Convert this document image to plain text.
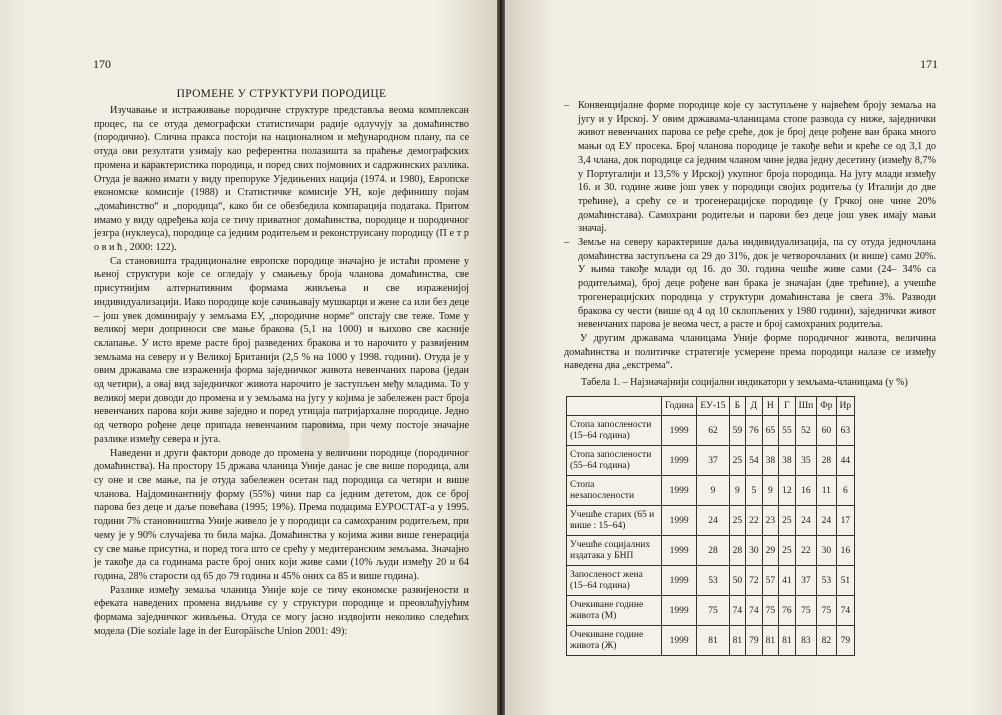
170
ПРОМЕНЕ У СТРУКТУРИ ПОРОДИЦЕ

Изучавање и истраживање породичне структуре представља веома комплексан процес, па се отуда демографски статистичари радије одлучују за домаћинство (породично). Слична пракса постоји на националном и међународном плану, па се отуда ови резултати узимају као референтна полазишта за праћење демографских промена и карактеристика породица, и поред свих појмовних и садржинских разлика. Отуда је важно имати у виду препоруке Уједињених нација (1974. и 1980), Европске економске комисије (1988) и Статистичке комисије УН, које дефинишу појам „домаћинство“ и „породица“, како би се обезбедила компарација података. Притом имамо у виду одређења која се тичу приватног домаћинства, породице и породичног језгра (нуклеуса), породице са једним родитељем и реконструисану породицу (П е т р о в и ћ , 2000: 122).

Са становишта традиционалне европске породице значајно је истаћи промене у њеној структури које се огледају у смањењу броја чланова домаћинства, све присутнијим алтернативним формама живљења и све израженијој индивидуализацији. Иако породице које сачињавају мушкарци и жене са или без деце – још увек доминирају у земљама ЕУ, „породичне норме“ опстају све теже. Томе у великој мери доприноси све мање бракова (5,1 на 1000) и њихово све касније склапање. У исто време расте број разведених бракова и то нарочито у развијеним земљама на северу и у Великој Британији (2,5 % на 1000 у 1998. години). Отуда је у овим државама све израженија форма заједничког живота невенчаних парова (један од четири), а овај вид заједничког живота нарочито је заступљен међу младима. То у великој мери доводи до промена и у земљама на југу у којима је забележен раст броја невенчаних парова који живе заједно и поред утицаја патријархалне породице. Једно од четворо рођене деце припада невенчаним паровима, при чему постоје значајне разлике између севера и југа.

Наведени и други фактори доводе до промена у величини породице (породичног домаћинства). На простору 15 држава чланица Уније данас је све више породица, али су оне и све мање, па је отуда забележен осетан пад породица са четири и више чланова. Најдоминантнију форму (55%) чини пар са једним дететом, док се број парова без деце и даље повећава (1995; 19%). Према подацима ЕУРОСТАТ-а у 1995. години 7% становништва Уније живело је у породици са самохраним родитељем, при чему је у 90% случајева то била мајка. Домаћинства у којима живи више генерација су све мање присутна, и поред тога што се срећу у медитеранским земљама. Значајно је такође да са годинама расте број оних који живе сами (10% људи између 20 и 64 година, 28% старости од 65 до 79 година и 45% оних са 85 и више година).

Разлике између земаља чланица Уније које се тичу економске развијености и ефеката наведених промена видљиве су у структури породице и преовлађујућим формама заједничког живљења. Отуда се могу јасно издвојити неколико следећих модела (Die soziale lage in der Europäische Union 2001: 49):

171

– Конвенцијалне форме породице које су заступљене у највећем броју земаља на југу и у Ирској. У овим државама-чланицама стопе развода су ниже, заједнички живот невенчаних парова се ређе среће, док је број деце рођене ван брака много мањи од ЕУ просека. Број чланова породице је такође већи и креће се од 3,1 до 3,4 члана, док породице са једним чланом чине једва једну десетину (између 8,7% у Португалији и 13,5% у Ирској) укупног броја породица. На југу млади између 16. и 30. године живе још увек у породици својих родитеља (у Италији до две трећине), а срећу се и трогенерацијске породице (у Грчкој оне чине 20% домаћинстава). Самохрани родитељи и парови без деце још увек имају мањи значај.

– Земље на северу карактерише даља индивидуализација, па су отуда једночлана домаћинства заступљена са 29 до 31%, док је четворочланих (и више) само 20%. У њима такође млади од 16. до 30. година чешће живе сами (24– 34% са родитељима), број деце рођене ван брака је значајан (две трећине), а учешће трогенерацијских породица у структури домаћинстава је свега 3%. Разводи бракова су чести (више од 4 од 10 склопљених у 1980 години), заједнички живот невенчаних парова је веома чест, а расте и број самохраних родитеља.

У другим државама чланицама Уније форме породичног живота, величина домаћинства и политичке стратегије усмерене према породици налазе се између наведена два „екстрема“.

Табела 1. – Најзначајнији социјални индикатори у земљама-чланицама (у %)
	Година	ЕУ-15	Б	Д	Н	Г	Шп	Фр	Ир
Стопа запослености (15–64 година)	1999	62	59	76	65	55	52	60	63
Стопа запослености (55–64 година)	1999	37	25	54	38	38	35	28	44
Стопа незапослености	1999	9	9	5	9	12	16	11	6
Учешће старих (65 и више : 15–64)	1999	24	25	22	23	25	24	24	17
Учешће социјалних издатака у БНП	1999	28	28	30	29	25	22	30	16
Запосленост жена (15–64 година)	1999	53	50	72	57	41	37	53	51
Очекиване године живота (М)	1999	75	74	74	75	76	75	75	74
Очекиване године живота (Ж)	1999	81	81	79	81	81	83	82	79
